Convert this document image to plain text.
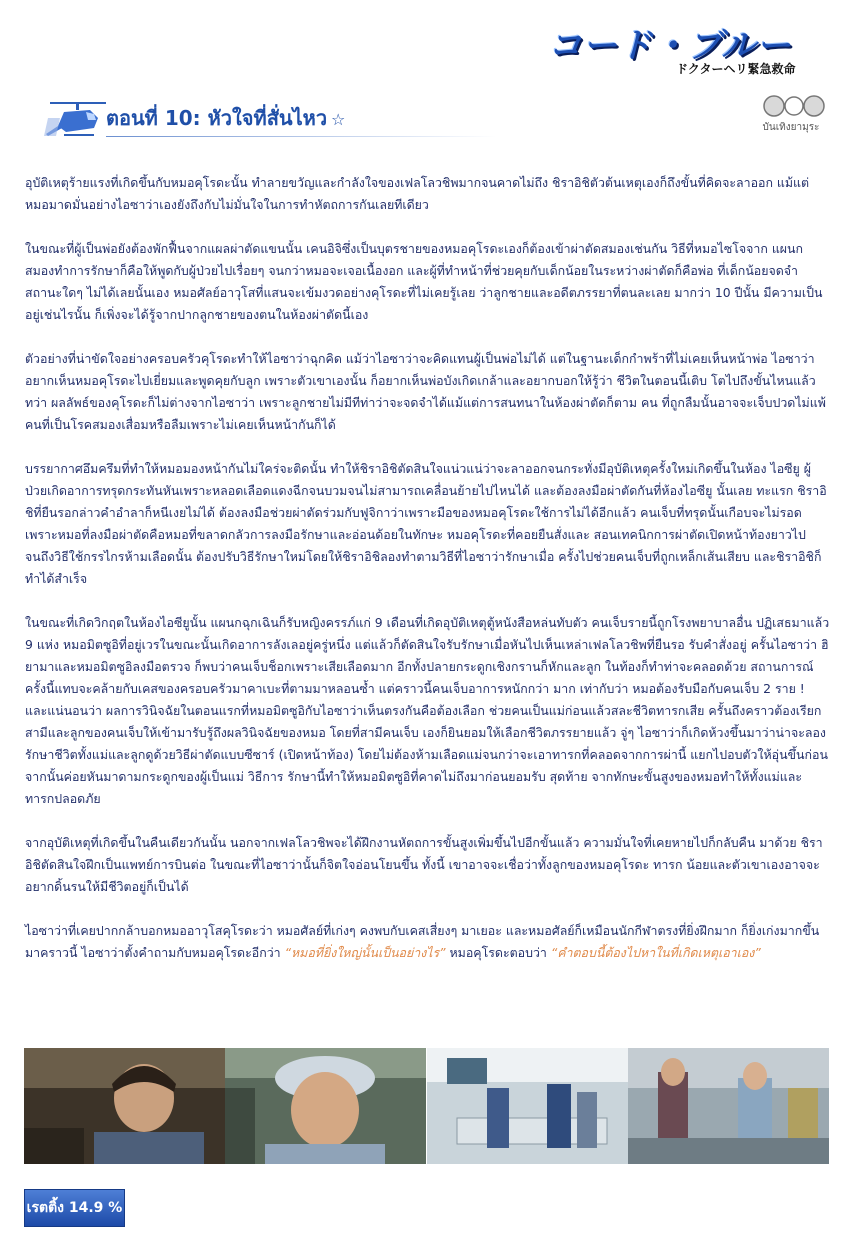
コード・ブルー
ドクターヘリ緊急救命
ตอนที่ 10: หัวใจที่สั่นไหว ☆	บันเทิงยามุระ

อุบัติเหตุร้ายแรงที่เกิดขึ้นกับหมอคุโรดะนั้น ทำลายขวัญและกำลังใจของเฟลโลวชิพมากจนคาดไม่ถึง ชิราอิชิตัวต้นเหตุเองก็ถึงขั้นที่คิดจะลาออก แม้แต่หมอมาดมั่นอย่างไอซาว่าเองยังถึงกับไม่มั่นใจในการทำหัตถการกันเลยทีเดียว

ในขณะที่ผู้เป็นพ่อยังต้องพักฟื้นจากแผลผ่าตัดแขนนั้น เคนอิจิซึ่งเป็นบุตรชายของหมอคุโรดะเองก็ต้องเข้าผ่าตัดสมองเช่นกัน วิธีที่หมอไซโจจาก แผนกสมองทำการรักษาก็คือให้พูดกับผู้ป่วยไปเรื่อยๆ จนกว่าหมอจะเจอเนื้องอก และผู้ที่ทำหน้าที่ช่วยคุยกับเด็กน้อยในระหว่างผ่าตัดก็คือพ่อ ที่เด็กน้อยจดจำสถานะใดๆ ไม่ได้เลยนั้นเอง หมอศัลย์อาวุโสที่แสนจะเข้มงวดอย่างคุโรดะที่ไม่เคยรู้เลย ว่าลูกชายและอดีตภรรยาที่ตนละเลย มากว่า 10 ปีนั้น มีความเป็นอยู่เช่นไรนั้น ก็เพิ่งจะได้รู้จากปากลูกชายของตนในห้องผ่าตัดนี้เอง

ตัวอย่างที่น่าขัดใจอย่างครอบครัวคุโรดะทำให้ไอซาว่าฉุกคิด แม้ว่าไอซาว่าจะคิดแทนผู้เป็นพ่อไม่ได้ แต่ในฐานะเด็กกำพร้าที่ไม่เคยเห็นหน้าพ่อ ไอซาว่าอยากเห็นหมอคุโรดะไปเยี่ยมและพูดคุยกับลูก เพราะตัวเขาเองนั้น ก็อยากเห็นพ่อบังเกิดเกล้าและอยากบอกให้รู้ว่า ชีวิตในตอนนี้เติบ โตไปถึงขั้นไหนแล้ว ทว่า ผลลัพธ์ของคุโรดะก็ไม่ต่างจากไอซาว่า เพราะลูกชายไม่มีทีท่าว่าจะจดจำได้แม้แต่การสนทนาในห้องผ่าตัดก็ตาม คน ที่ถูกลืมนั้นอาจจะเจ็บปวดไม่แพ้คนที่เป็นโรคสมองเสื่อมหรือลืมเพราะไม่เคยเห็นหน้ากันก็ได้

บรรยากาศอึมครึมที่ทำให้หมอมองหน้ากันไม่ใคร่จะติดนั้น ทำให้ชิราอิชิตัดสินใจแน่วแน่ว่าจะลาออกจนกระทั่งมีอุบัติเหตุครั้งใหม่เกิดขึ้นในห้อง ไอซียู ผู้ป่วยเกิดอาการทรุดกระทันหันเพราะหลอดเลือดแดงฉีกจนบวมจนไม่สามารถเคลื่อนย้ายไปไหนได้ และต้องลงมือผ่าตัดกันที่ห้องไอซียู นั้นเลย ทะแรก ชิราอิชิที่ยืนรอกล่าวคำอำลาก็หนีเงยไม่ได้ ต้องลงมือช่วยผ่าตัดร่วมกับฟูจิกาว่าเพราะมือของหมอคุโรดะใช้การไม่ได้อีกแล้ว คนเจ็บที่ทรุดนั้นเกือบจะไม่รอด เพราะหมอที่ลงมือผ่าตัดคือหมอที่ขลาดกลัวการลงมือรักษาและอ่อนด้อยในทักษะ หมอคุโรดะที่คอยยืนสั่งและ สอนเทคนิกการผ่าตัดเปิดหน้าท้องยาวไปจนถึงวิธีใช้กรรไกรห้ามเลือดนั้น ต้องปรับวิธีรักษาใหม่โดยให้ชิราอิชิลองทำตามวิธีที่ไอซาว่ารักษาเมื่อ ครั้งไปช่วยคนเจ็บที่ถูกเหล็กเส้นเสียบ และชิราอิชิก็ทำได้สำเร็จ

ในขณะที่เกิดวิกฤตในห้องไอซียูนั้น แผนกฉุกเฉินก็รับหญิงครรภ์แก่ 9 เดือนที่เกิดอุบัติเหตุตู้หนังสือหล่นทับตัว คนเจ็บรายนี้ถูกโรงพยาบาลอื่น ปฏิเสธมาแล้ว 9 แห่ง หมอมิตซูอิที่อยู่เวรในขณะนั้นเกิดอาการลังเลอยู่ครู่หนึ่ง แต่แล้วก็ตัดสินใจรับรักษาเมื่อหันไปเห็นเหล่าเฟลโลวชิพที่ยืนรอ รับคำสั่งอยู่ ครั้นไอซาว่า ฮิยามาและหมอมิตซูอิลงมือตรวจ ก็พบว่าคนเจ็บช็อกเพราะเสียเลือดมาก อีกทั้งปลายกระดูกเชิงกรานก็หักและลูก ในท้องก็ทำท่าจะคลอดด้วย สถานการณ์ครั้งนี้แทบจะคล้ายกับเคสของครอบครัวมาคาเบะที่ตามมาหลอนซ้ำ แต่คราวนี้คนเจ็บอาการหนักกว่า มาก เท่ากับว่า หมอต้องรับมือกับคนเจ็บ 2 ราย ! และแน่นอนว่า ผลการวินิจฉัยในตอนแรกที่หมอมิตซูอิกับไอซาว่าเห็นตรงกันคือต้องเลือก ช่วยคนเป็นแม่ก่อนแล้วสละชีวิตทารกเสีย ครั้นถึงคราวต้องเรียกสามีและลูกของคนเจ็บให้เข้ามารับรู้ถึงผลวินิจฉัยของหมอ โดยที่สามีคนเจ็บ เองก็ยินยอมให้เลือกชีวิตภรรยายแล้ว จู่ๆ ไอซาว่าก็เกิดห้วงขึ้นมาว่าน่าจะลองรักษาชีวิตทั้งแม่และลูกดูด้วยวิธีผ่าตัดแบบซีซาร์ (เปิดหน้าท้อง) โดยไม่ต้องห้ามเลือดแม่จนกว่าจะเอาทารกที่คลอดจากการผ่านี้ แยกไปอบตัวให้อุ่นขึ้นก่อน จากนั้นค่อยหันมาดามกระดูกของผู้เป็นแม่ วิธีการ รักษานี้ทำให้หมอมิตซูอิที่คาดไม่ถึงมาก่อนยอมรับ สุดท้าย จากทักษะขั้นสูงของหมอทำให้ทั้งแม่และทารกปลอดภัย

จากอุบัติเหตุที่เกิดขึ้นในคืนเดียวกันนั้น นอกจากเฟลโลวชิพจะได้ฝึกงานหัตถการขั้นสูงเพิ่มขึ้นไปอีกขั้นแล้ว ความมั่นใจที่เคยหายไปก็กลับคืน มาด้วย ชิราอิชิตัดสินใจฝึกเป็นแพทย์การบินต่อ ในขณะที่ไอซาว่านั้นก็จิตใจอ่อนโยนขึ้น ทั้งนี้ เขาอาจจะเชื่อว่าทั้งลูกของหมอคุโรดะ ทารก น้อยและตัวเขาเองอาจจะอยากดิ้นรนให้มีชีวิตอยู่ก็เป็นได้

ไอซาว่าที่เคยปากกล้าบอกหมออาวุโสคุโรดะว่า หมอศัลย์ที่เก่งๆ คงพบกับเคสเสี่ยงๆ มาเยอะ และหมอศัลย์ก็เหมือนนักกีฬาตรงที่ยิ่งฝึกมาก ก็ยิ่งเก่งมากขึ้น มาคราวนี้ ไอซาว่าตั้งคำถามกับหมอคุโรดะอีกว่า “หมอที่ยิ่งใหญ่นั้นเป็นอย่างไร” หมอคุโรดะตอบว่า “คำตอบนี้ต้องไปหาในที่เกิดเหตุเอาเอง”

เรตติ้ง 14.9 %
